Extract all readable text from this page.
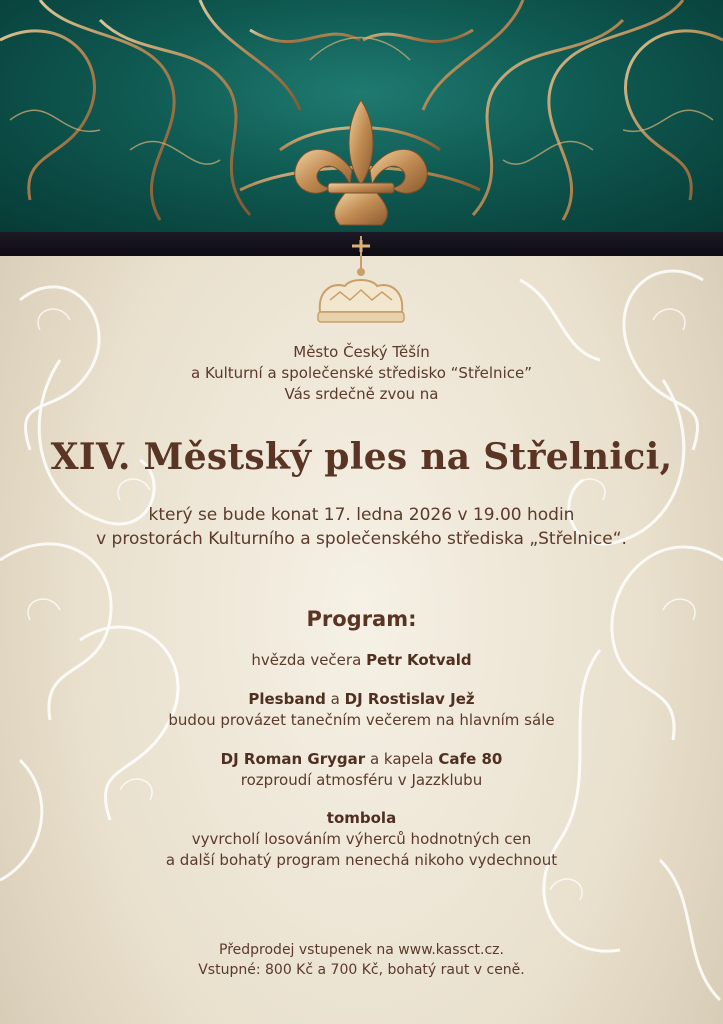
Město Český Těšín
a Kulturní a společenské středisko “Střelnice”
Vás srdečně zvou na
XIV. Městský ples na Střelnici,
který se bude konat 17. ledna 2026 v 19.00 hodin
v prostorách Kulturního a společenského střediska „Střelnice“.
Program:
hvězda večera Petr Kotvald
Plesband a DJ Rostislav Jež
budou provázet tanečním večerem na hlavním sále
DJ Roman Grygar a kapela Cafe 80
rozproudí atmosféru v Jazzklubu
tombola
vyvrcholí losováním výherců hodnotných cen
a další bohatý program nenechá nikoho vydechnout
Předprodej vstupenek na www.kassct.cz.
Vstupné: 800 Kč a 700 Kč, bohatý raut v ceně.
